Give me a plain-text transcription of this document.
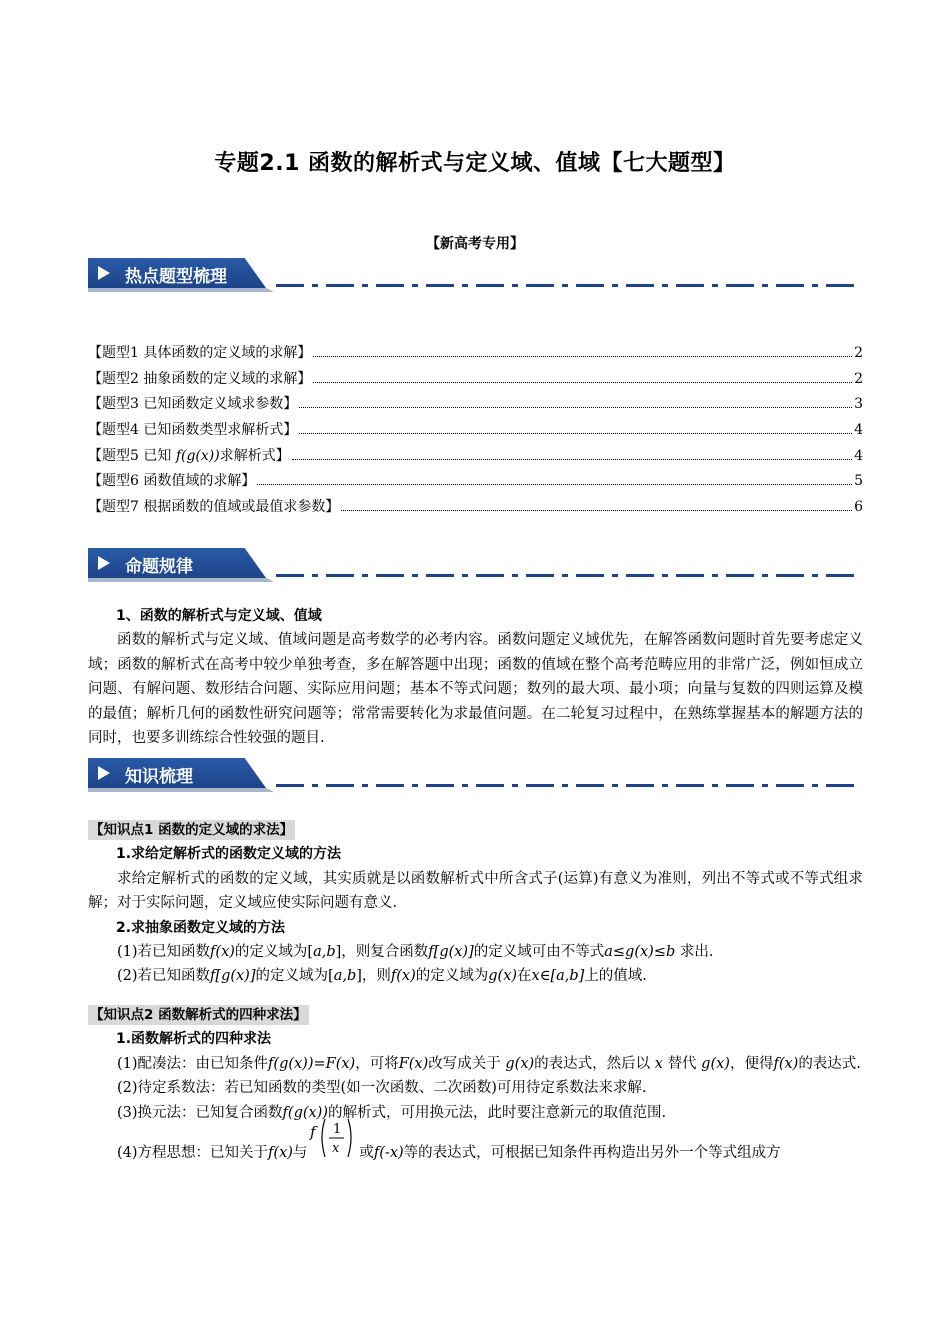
专题2.1 函数的解析式与定义域、值域【七大题型】
【新高考专用】
热点题型梳理
【题型1 具体函数的定义域的求解】	2
【题型2 抽象函数的定义域的求解】	2
【题型3 已知函数定义域求参数】	3
【题型4 已知函数类型求解析式】	4
【题型5 已知 f(g(x))求解析式】	4
【题型6 函数值域的求解】	5
【题型7 根据函数的值域或最值求参数】	6
命题规律

1、函数的解析式与定义域、值域

函数的解析式与定义域、值域问题是高考数学的必考内容。函数问题定义域优先，在解答函数问题时首先要考虑定义域；函数的解析式在高考中较少单独考查，多在解答题中出现；函数的值域在整个高考范畴应用的非常广泛，例如恒成立问题、有解问题、数形结合问题、实际应用问题；基本不等式问题；数列的最大项、最小项；向量与复数的四则运算及模的最值；解析几何的函数性研究问题等；常常需要转化为求最值问题。在二轮复习过程中，在熟练掌握基本的解题方法的同时，也要多训练综合性较强的题目.

知识梳理
【知识点1 函数的定义域的求法】

1.求给定解析式的函数定义域的方法

求给定解析式的函数的定义域，其实质就是以函数解析式中所含式子(运算)有意义为准则，列出不等式或不等式组求解；对于实际问题，定义域应使实际问题有意义.

2.求抽象函数定义域的方法

(1)若已知函数f(x)的定义域为[a,b]，则复合函数f[g(x)]的定义域可由不等式a≤g(x)≤b 求出.

(2)若已知函数f[g(x)]的定义域为[a,b]，则f(x)的定义域为g(x)在x∈[a,b]上的值域.

【知识点2 函数解析式的四种求法】

1.函数解析式的四种求法

(1)配凑法：由已知条件f(g(x))=F(x)，可将F(x)改写成关于 g(x)的表达式，然后以 x 替代 g(x)，便得f(x)的表达式.

(2)待定系数法：若已知函数的类型(如一次函数、二次函数)可用待定系数法来求解.

(3)换元法：已知复合函数f(g(x))的解析式，可用换元法，此时要注意新元的取值范围.

(4)方程思想：已知关于f(x)与
f 1
x 或f(-x)等的表达式，可根据已知条件再构造出另外一个等式组成方
